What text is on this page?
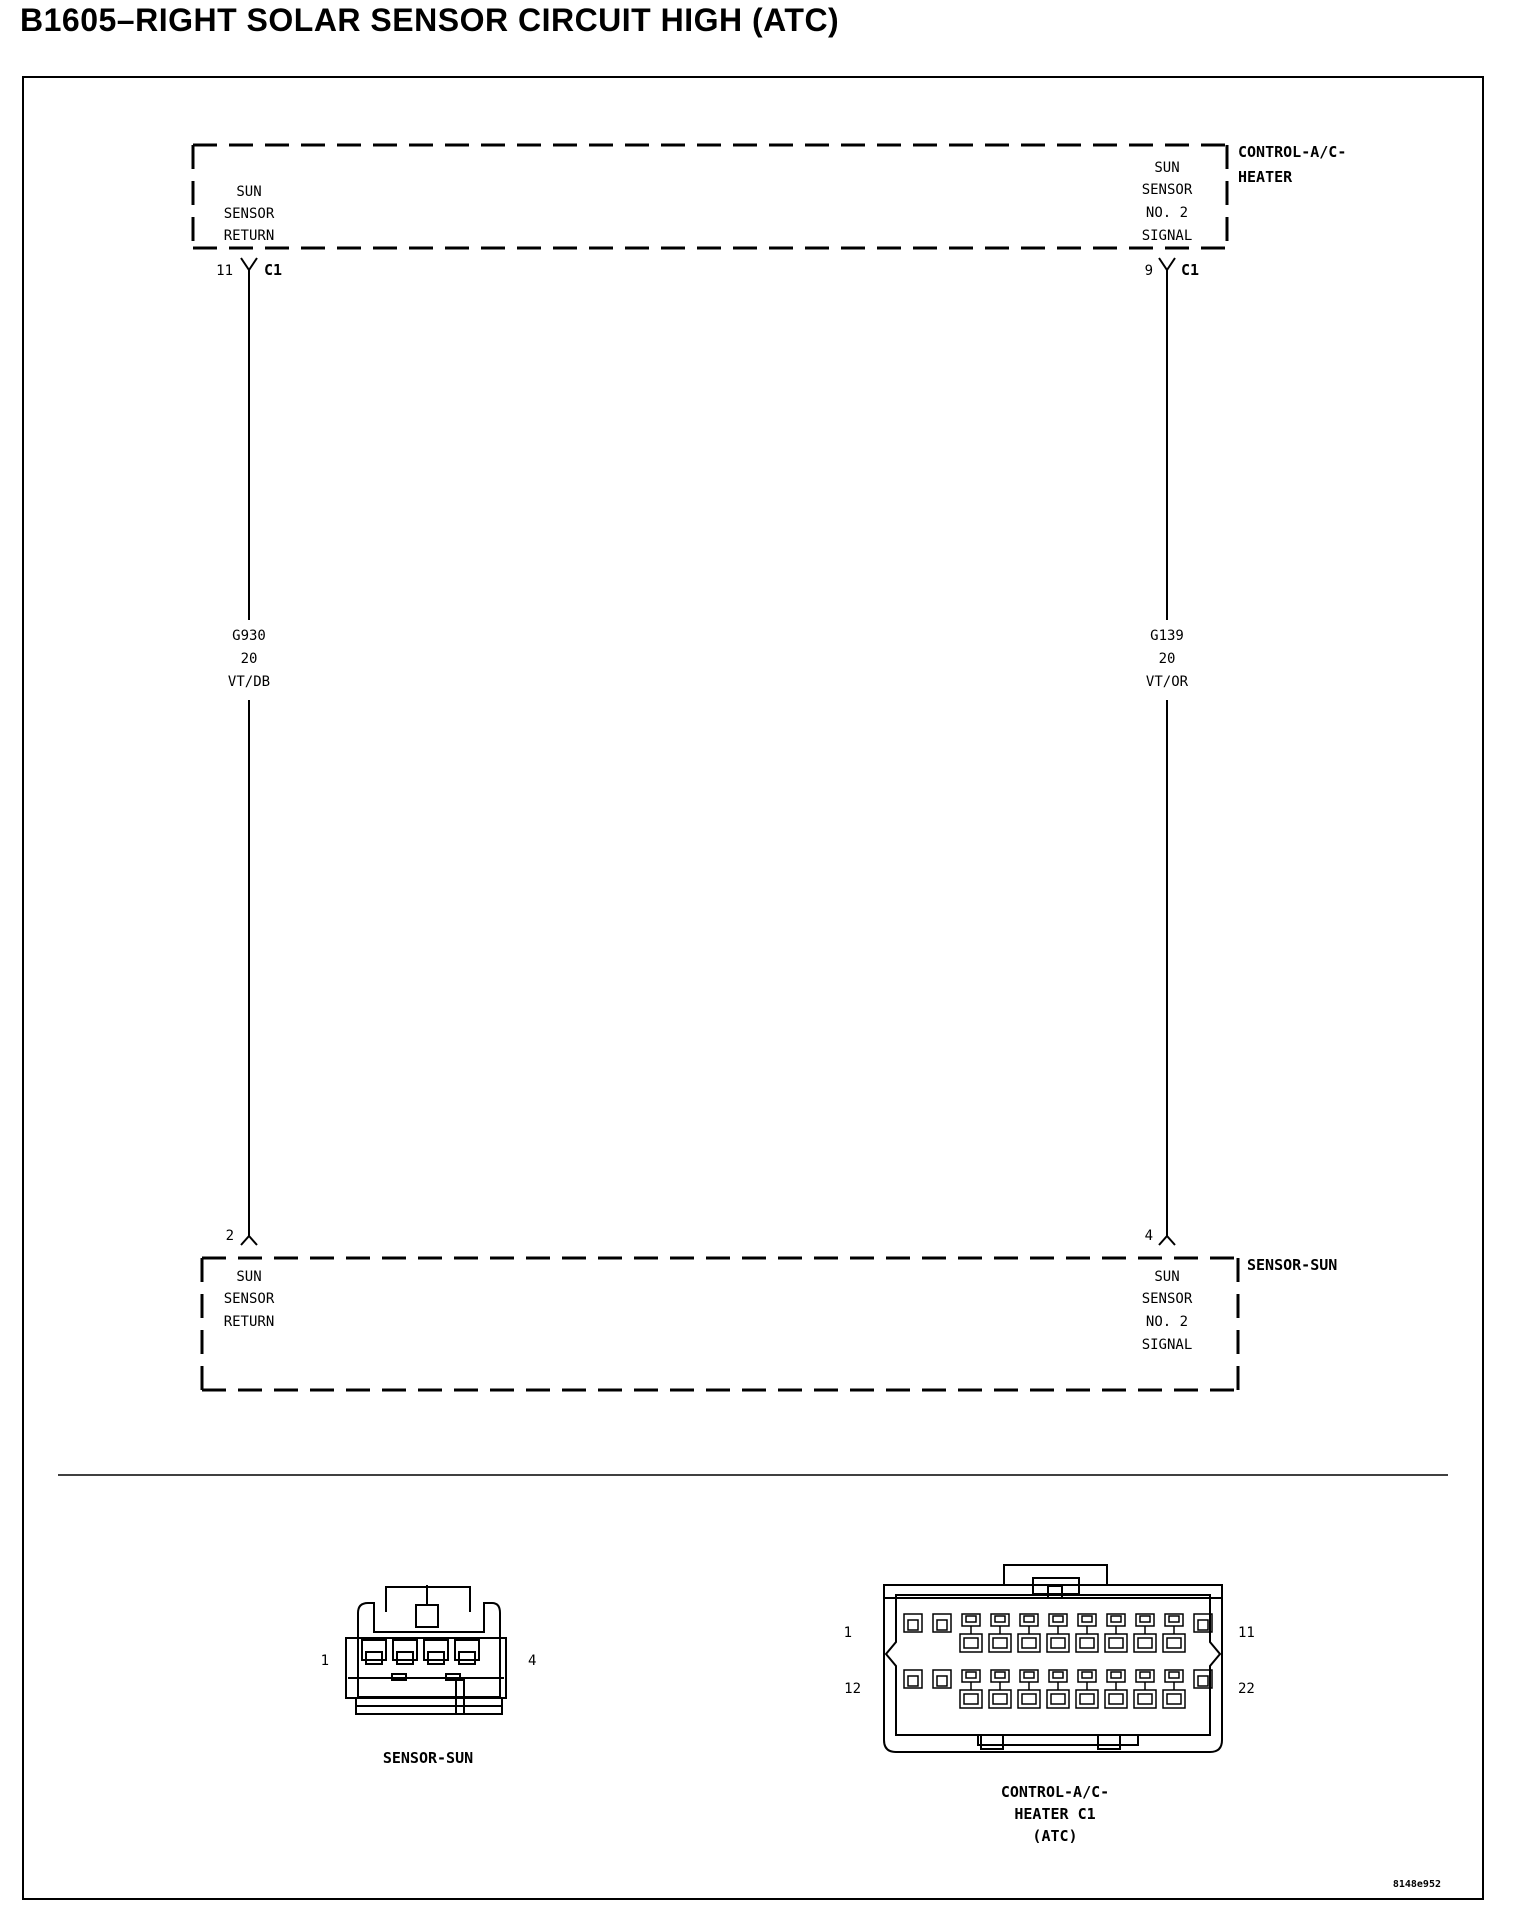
B1605–RIGHT SOLAR SENSOR CIRCUIT HIGH (ATC)
CONTROL-A/C-
HEATER
SUN
SENSOR
RETURN
SUN
SENSOR
NO. 2
SIGNAL
11 C1	9 C1
G930
20
VT/DB
G139
20
VT/OR
2	4
SENSOR-SUN
SUN
SENSOR
RETURN
SUN
SENSOR
NO. 2
SIGNAL
1	4
SENSOR-SUN
1	11
12	22
CONTROL-A/C-
HEATER C1
(ATC)
8148e952
